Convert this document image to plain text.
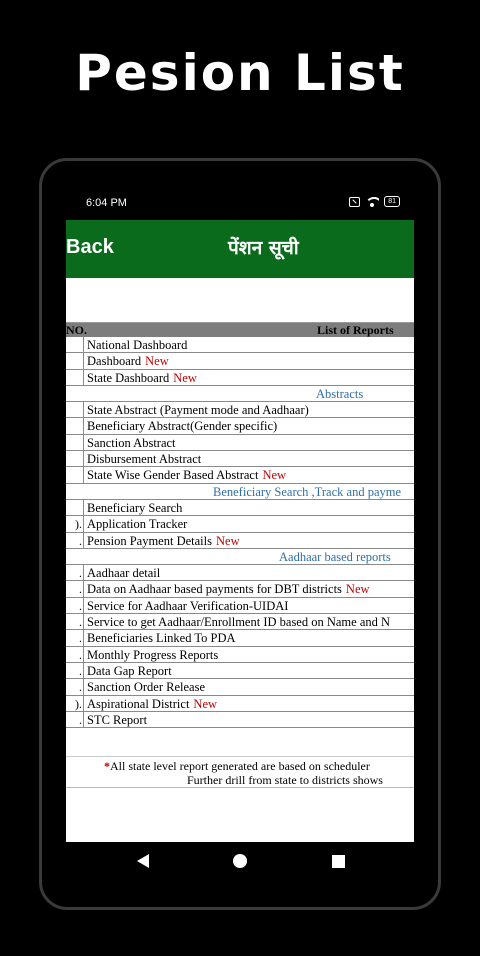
Pesion List
6:04 PM	81
Back	पेंशन सूची
NO.	List of Reports
National Dashboard
Dashboard New
State Dashboard New
Abstracts
State Abstract (Payment mode and Aadhaar)
Beneficiary Abstract(Gender specific)
Sanction Abstract
Disbursement Abstract
State Wise Gender Based Abstract New
Beneficiary Search ,Track and payme
Beneficiary Search
). Application Tracker
. Pension Payment Details New
Aadhaar based reports
. Aadhaar detail
. Data on Aadhaar based payments for DBT districts New
. Service for Aadhaar Verification-UIDAI
. Service to get Aadhaar/Enrollment ID based on Name and N
. Beneficiaries Linked To PDA
. Monthly Progress Reports
. Data Gap Report
. Sanction Order Release
). Aspirational District New
. STC Report
*All state level report generated are based on scheduler
Further drill from state to districts shows
